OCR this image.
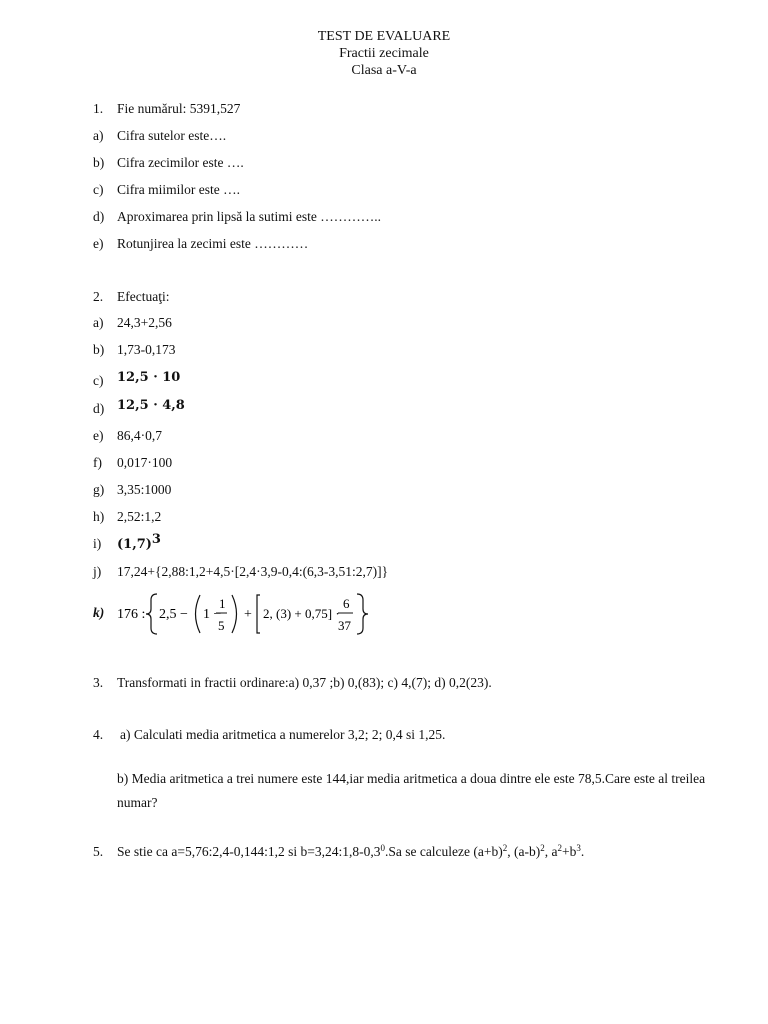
TEST DE EVALUARE
Fractii zecimale
Clasa a-V-a
1. Fie numărul: 5391,527
a) Cifra sutelor este….
b) Cifra zecimilor este ….
c) Cifra miimilor este ….
d) Aproximarea prin lipsă la sutimi este …………..
e) Rotunjirea la zecimi este …………
2. Efectuaţi:
a) 24,3+2,56
b) 1,73-0,173
c) 12,5 · 10
d) 12,5 · 4,8
e) 86,4·0,7
f) 0,017·100
g) 3,35:1000
h) 2,52:1,2
i) $(1,7)^3$
j) 17,24+{2,88:1,2+4,5·[2,4·3,9-0,4:(6,3-3,51:2,7)]}
k) 176 : 2,5 − 1 −
1
5
+ 2, (3) + 0,75] ·
6
37
3. Transformati in fractii ordinare:a) 0,37 ;b) 0,(83); c) 4,(7); d) 0,2(23).
4. a) Calculati media aritmetica a numerelor 3,2; 2; 0,4 si 1,25.
b) Media aritmetica a trei numere este 144,iar media aritmetica a doua dintre ele este 78,5.Care este al treilea numar?
5. Se stie ca a=5,76:2,4-0,144:1,2 si $b=3,24:1,8-0,3^0.Sa$ se calculeze $(a+b)^2$, $(a-b)^2$, $a^2+b^3$.
